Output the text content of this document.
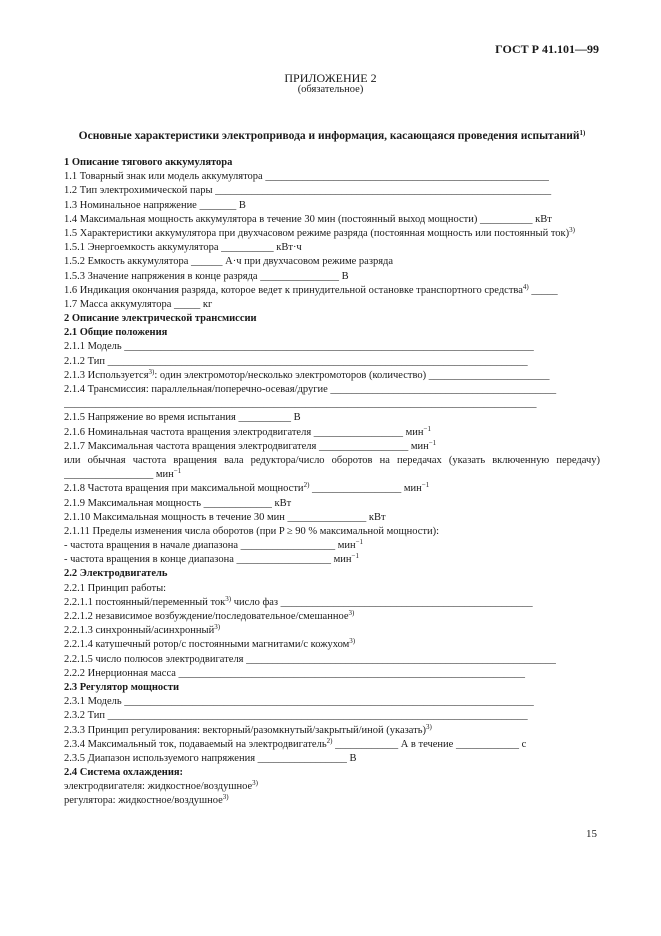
ГОСТ Р 41.101—99
ПРИЛОЖЕНИЕ 2
(обязательное)
Основные характеристики электропривода и информация, касающаяся проведения испытаний$^{1)}$
1 Описание тягового аккумулятора
1.1 Товарный знак или модель аккумулятора ______________________________________________________
1.2 Тип электрохимической пары ________________________________________________________________
1.3 Номинальное напряжение _______ В
1.4 Максимальная мощность аккумулятора в течение 30 мин (постоянный выход мощности) __________ кВт
1.5 Характеристики аккумулятора при двухчасовом режиме разряда (постоянная мощность или постоянный ток)$^{3)}$
1.5.1 Энергоемкость аккумулятора __________ кВт·ч
1.5.2 Емкость аккумулятора ______ А·ч при двухчасовом режиме разряда
1.5.3 Значение напряжения в конце разряда _______________ В
1.6 Индикация окончания разряда, которое ведет к принудительной остановке транспортного средства$^{4)}$ _____
1.7 Масса аккумулятора _____ кг
2 Описание электрической трансмиссии
2.1 Общие положения
2.1.1 Модель ______________________________________________________________________________
2.1.2 Тип ________________________________________________________________________________
2.1.3 Используется$^{3)}$: один электромотор/несколько электромоторов (количество) _______________________
2.1.4 Трансмиссия: параллельная/поперечно-осевая/другие ___________________________________________
__________________________________________________________________________________________
2.1.5 Напряжение во время испытания __________ В
2.1.6 Номинальная частота вращения электродвигателя _________________ мин$^{-1}$
2.1.7 Максимальная частота вращения электродвигателя _________________ мин$^{-1}$
или обычная частота вращения вала редуктора/число оборотов на передачах (указать включенную передачу) _________________ мин$^{-1}$
2.1.8 Частота вращения при максимальной мощности$^{2)}$ _________________ мин$^{-1}$
2.1.9 Максимальная мощность _____________ кВт
2.1.10 Максимальная мощность в течение 30 мин _______________ кВт
2.1.11 Пределы изменения числа оборотов (при P ≥ 90 % максимальной мощности):
- частота вращения в начале диапазона __________________ мин$^{-1}$
- частота вращения в конце диапазона __________________ мин$^{-1}$
2.2 Электродвигатель
2.2.1 Принцип работы:
2.2.1.1 постоянный/переменный ток$^{3)}$ число фаз ________________________________________________
2.2.1.2 независимое возбуждение/последовательное/смешанное$^{3)}$
2.2.1.3 синхронный/асинхронный$^{3)}$
2.2.1.4 катушечный ротор/с постоянными магнитами/с кожухом$^{3)}$
2.2.1.5 число полюсов электродвигателя ___________________________________________________________
2.2.2 Инерционная масса __________________________________________________________________
2.3 Регулятор мощности
2.3.1 Модель ______________________________________________________________________________
2.3.2 Тип ________________________________________________________________________________
2.3.3 Принцип регулирования: векторный/разомкнутый/закрытый/иной (указать)$^{3)}$
2.3.4 Максимальный ток, подаваемый на электродвигатель$^{2)}$ ____________ А в течение ____________ с
2.3.5 Диапазон используемого напряжения _________________ В
2.4 Система охлаждения:
электродвигателя: жидкостное/воздушное$^{3)}$
регулятора: жидкостное/воздушное$^{3)}$
15
